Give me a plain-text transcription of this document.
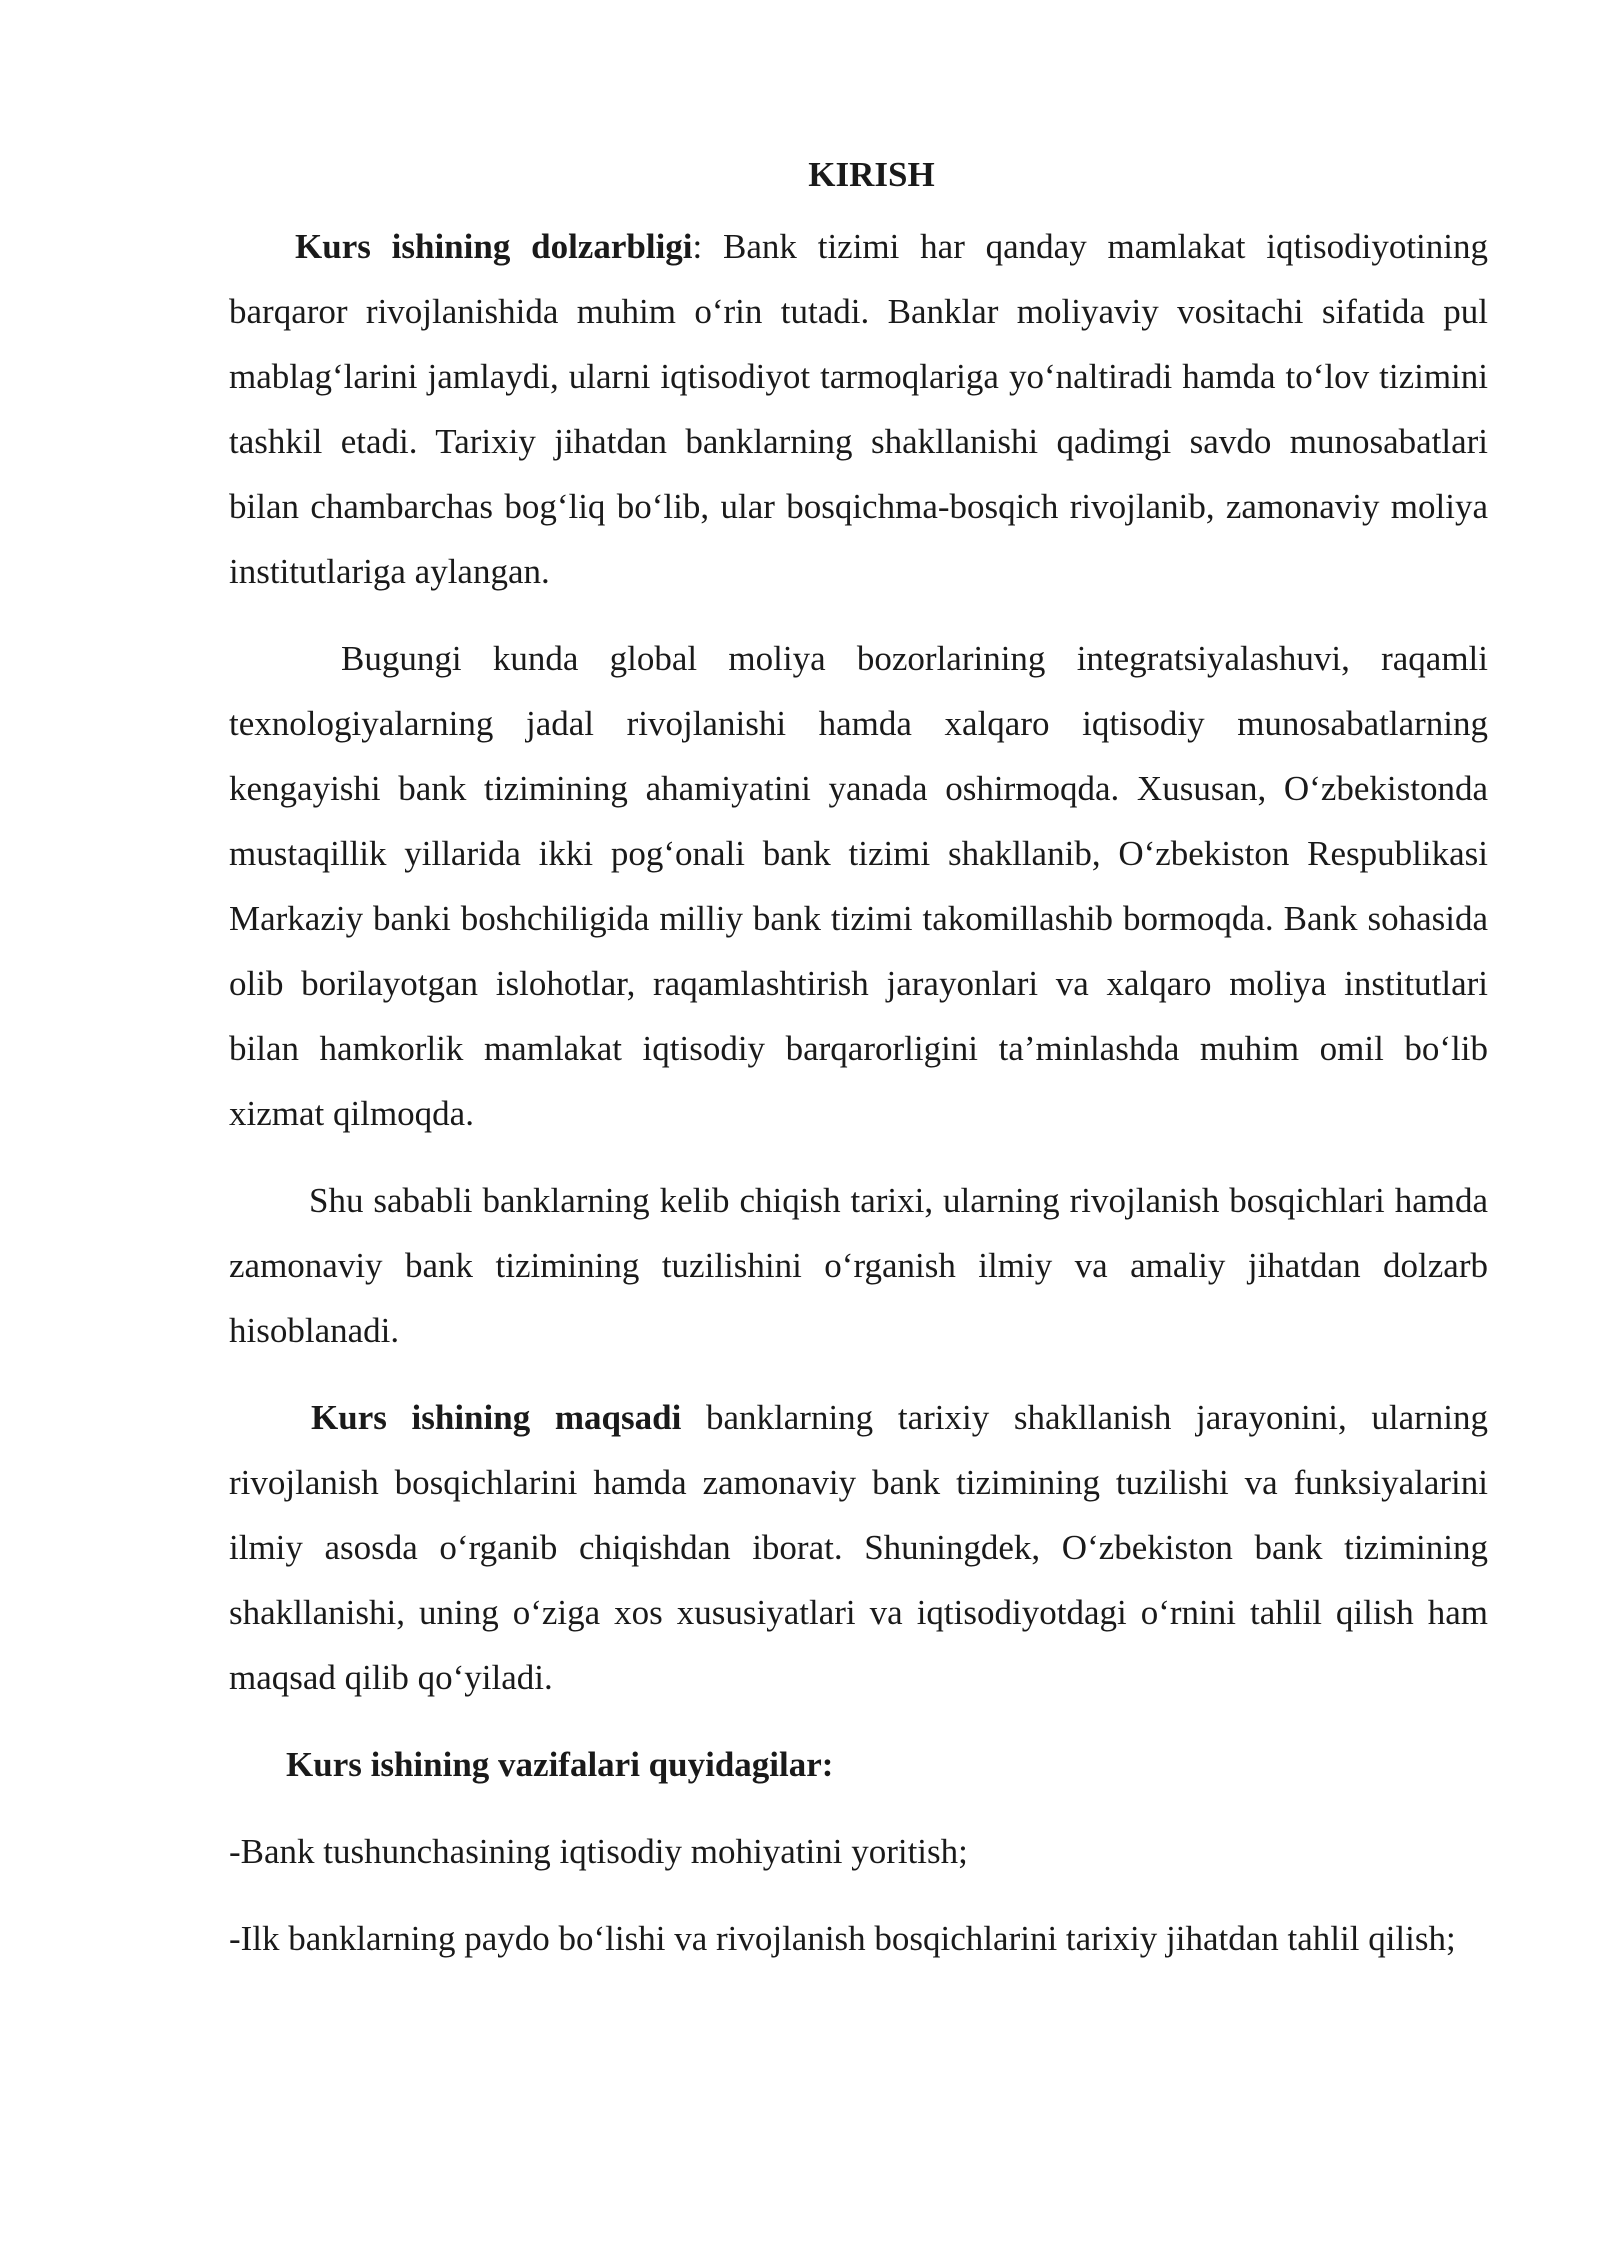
KIRISH

Kurs ishining dolzarbligi: Bank tizimi har qanday mamlakat iqtisodiyotining barqaror rivojlanishida muhim oʻrin tutadi. Banklar moliyaviy vositachi sifatida pul mablagʻlarini jamlaydi, ularni iqtisodiyot tarmoqlariga yoʻnaltiradi hamda toʻlov tizimini tashkil etadi. Tarixiy jihatdan banklarning shakllanishi qadimgi savdo munosabatlari bilan chambarchas bogʻliq boʻlib, ular bosqichma-bosqich rivojlanib, zamonaviy moliya institutlariga aylangan.

Bugungi kunda global moliya bozorlarining integratsiyalashuvi, raqamli texnologiyalarning jadal rivojlanishi hamda xalqaro iqtisodiy munosabatlarning kengayishi bank tizimining ahamiyatini yanada oshirmoqda. Xususan, Oʻzbekistonda mustaqillik yillarida ikki pogʻonali bank tizimi shakllanib, Oʻzbekiston Respublikasi Markaziy banki boshchiligida milliy bank tizimi takomillashib bormoqda. Bank sohasida olib borilayotgan islohotlar, raqamlashtirish jarayonlari va xalqaro moliya institutlari bilan hamkorlik mamlakat iqtisodiy barqarorligini ta’minlashda muhim omil boʻlib xizmat qilmoqda.

Shu sababli banklarning kelib chiqish tarixi, ularning rivojlanish bosqichlari hamda zamonaviy bank tizimining tuzilishini oʻrganish ilmiy va amaliy jihatdan dolzarb hisoblanadi.

Kurs ishining maqsadi banklarning tarixiy shakllanish jarayonini, ularning rivojlanish bosqichlarini hamda zamonaviy bank tizimining tuzilishi va funksiyalarini ilmiy asosda oʻrganib chiqishdan iborat. Shuningdek, Oʻzbekiston bank tizimining shakllanishi, uning oʻziga xos xususiyatlari va iqtisodiyotdagi oʻrnini tahlil qilish ham maqsad qilib qoʻyiladi.

Kurs ishining vazifalari quyidagilar:

-Bank tushunchasining iqtisodiy mohiyatini yoritish;

-Ilk banklarning paydo boʻlishi va rivojlanish bosqichlarini tarixiy jihatdan tahlil qilish;
